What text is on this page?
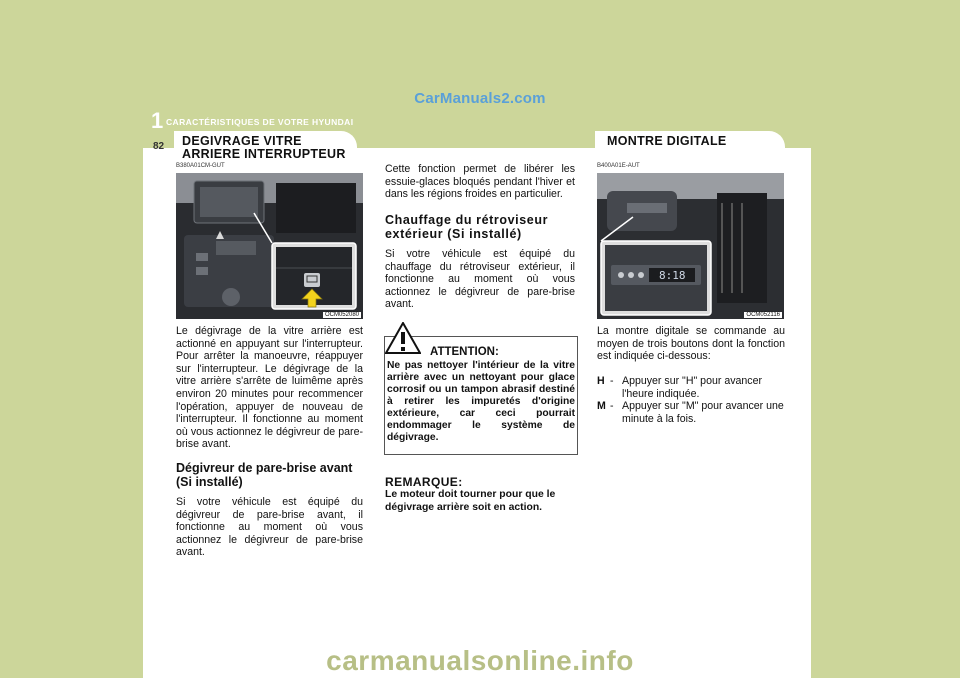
CarManuals2.com
carmanualsonline.info
1 CARACTÉRISTIQUES DE VOTRE HYUNDAI
82 DEGIVRAGE VITRE
ARRIERE INTERRUPTEUR
MONTRE DIGITALE
B380A01CM-GUT
OCM052080
Le dégivrage de la vitre arrière est actionné en appuyant sur l'interrupteur. Pour arrêter la manoeuvre, réappuyer sur l'interrupteur. Le dégivrage de la vitre arrière s'arrête de luimême après environ 20 minutes pour recommencer l'opération, appuyer de nouveau de l'interrupteur. Il fonctionne au moment où vous actionnez le dégivreur de pare-brise avant.
Dégivreur de pare-brise avant
(Si installé)
Si votre véhicule est équipé du dégivreur de pare-brise avant, il fonctionne au moment où vous actionnez le dégivreur de pare-brise avant.
Cette fonction permet de libérer les essuie-glaces bloqués pendant l'hiver et dans les régions froides en particulier.
Chauffage du rétroviseur
extérieur (Si installé)
Si votre véhicule est équipé du chauffage du rétroviseur extérieur, il fonctionne au moment où vous actionnez le dégivreur de pare-brise avant.
ATTENTION:
Ne pas nettoyer l'intérieur de la vitre arrière avec un nettoyant pour glace corrosif ou un tampon abrasif destiné à retirer les impuretés d'origine extérieure, car ceci pourrait endommager le système de dégivrage.
REMARQUE:
Le moteur doit tourner pour que le dégivrage arrière soit en action.
B400A01E-AUT
8:18
OCM052116
La montre digitale se commande au moyen de trois boutons dont la fonction est indiquée ci-dessous:
H - Appuyer sur "H" pour avancer l'heure indiquée.
M - Appuyer sur "M" pour avancer une minute à la fois.
